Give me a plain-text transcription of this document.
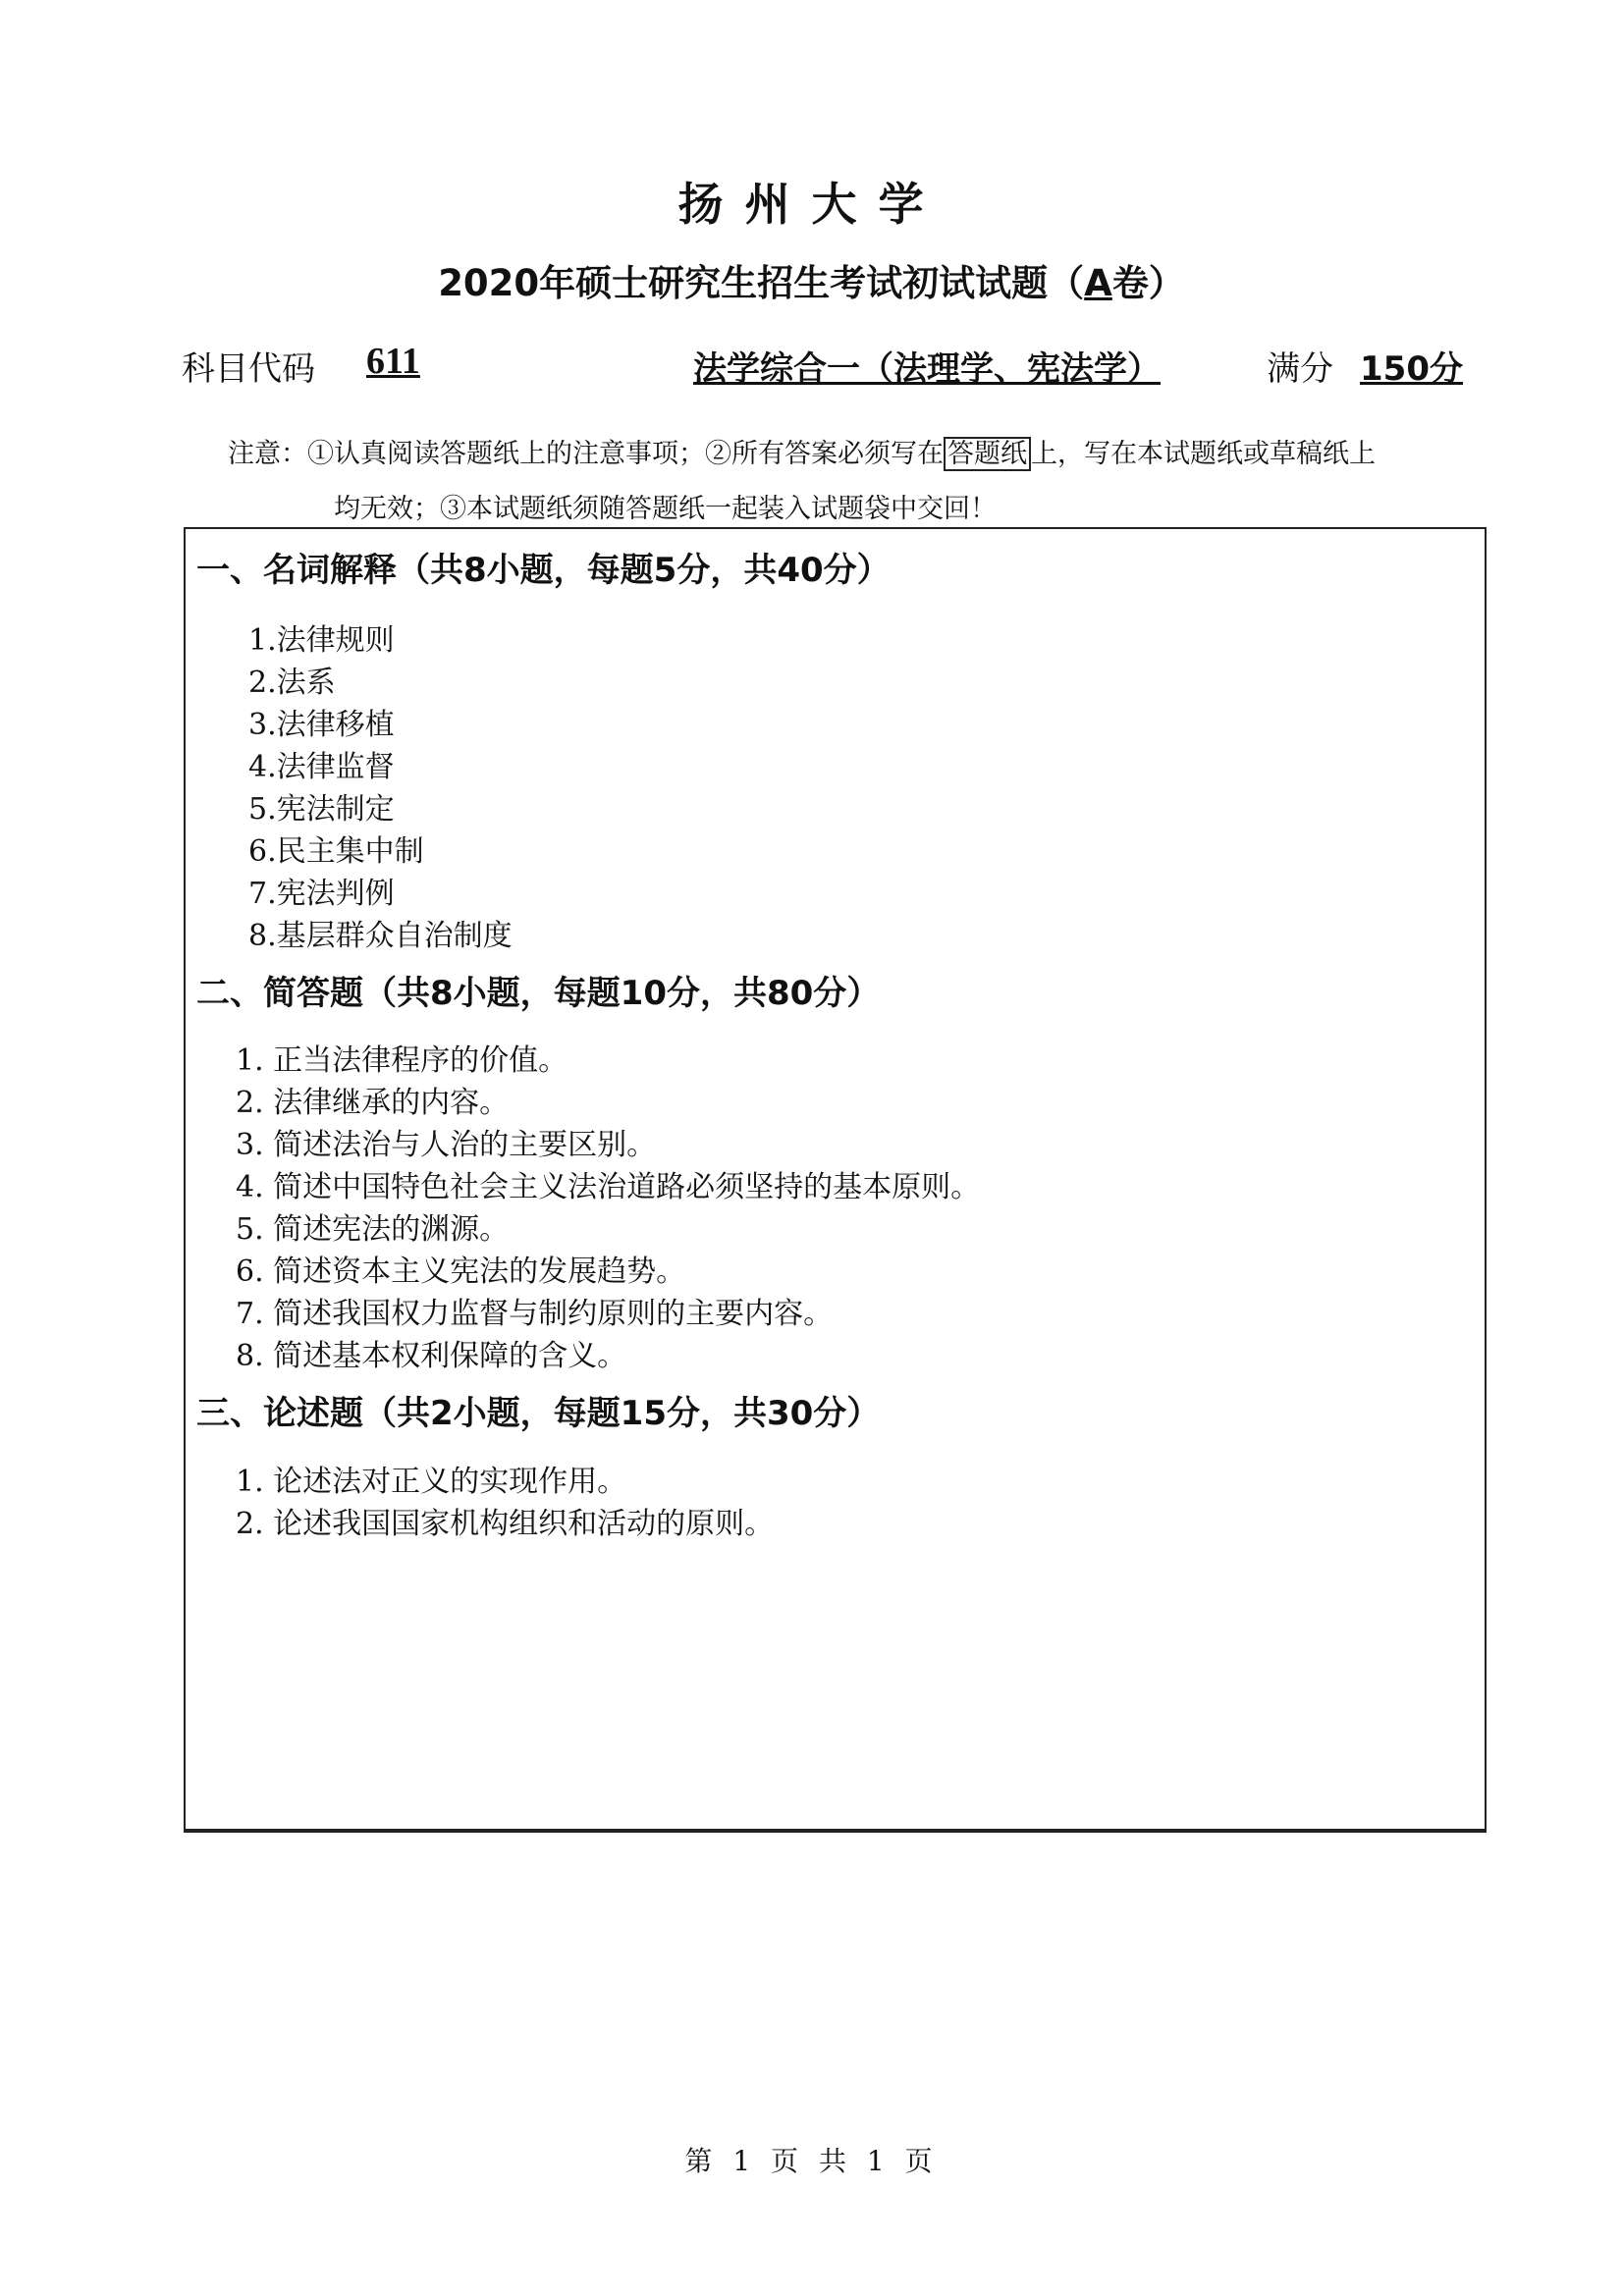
扬州大学
2020年硕士研究生招生考试初试试题（A卷）
科目代码 611	法学综合一（法理学、宪法学）	满分 150分
注意：①认真阅读答题纸上的注意事项；②所有答案必须写在 答题纸 上，写在本试题纸或草稿纸上
均无效；③本试题纸须随答题纸一起装入试题袋中交回！
一、名词解释（共8小题，每题5分，共40分）
1.法律规则
2.法系
3.法律移植
4.法律监督
5.宪法制定
6.民主集中制
7.宪法判例
8.基层群众自治制度
二、简答题（共8小题，每题10分，共80分）
1. 正当法律程序的价值。
2. 法律继承的内容。
3. 简述法治与人治的主要区别。
4. 简述中国特色社会主义法治道路必须坚持的基本原则。
5. 简述宪法的渊源。
6. 简述资本主义宪法的发展趋势。
7. 简述我国权力监督与制约原则的主要内容。
8. 简述基本权利保障的含义。
三、论述题（共2小题，每题15分，共30分）
1. 论述法对正义的实现作用。
2. 论述我国国家机构组织和活动的原则。
第 1 页 共 1 页
